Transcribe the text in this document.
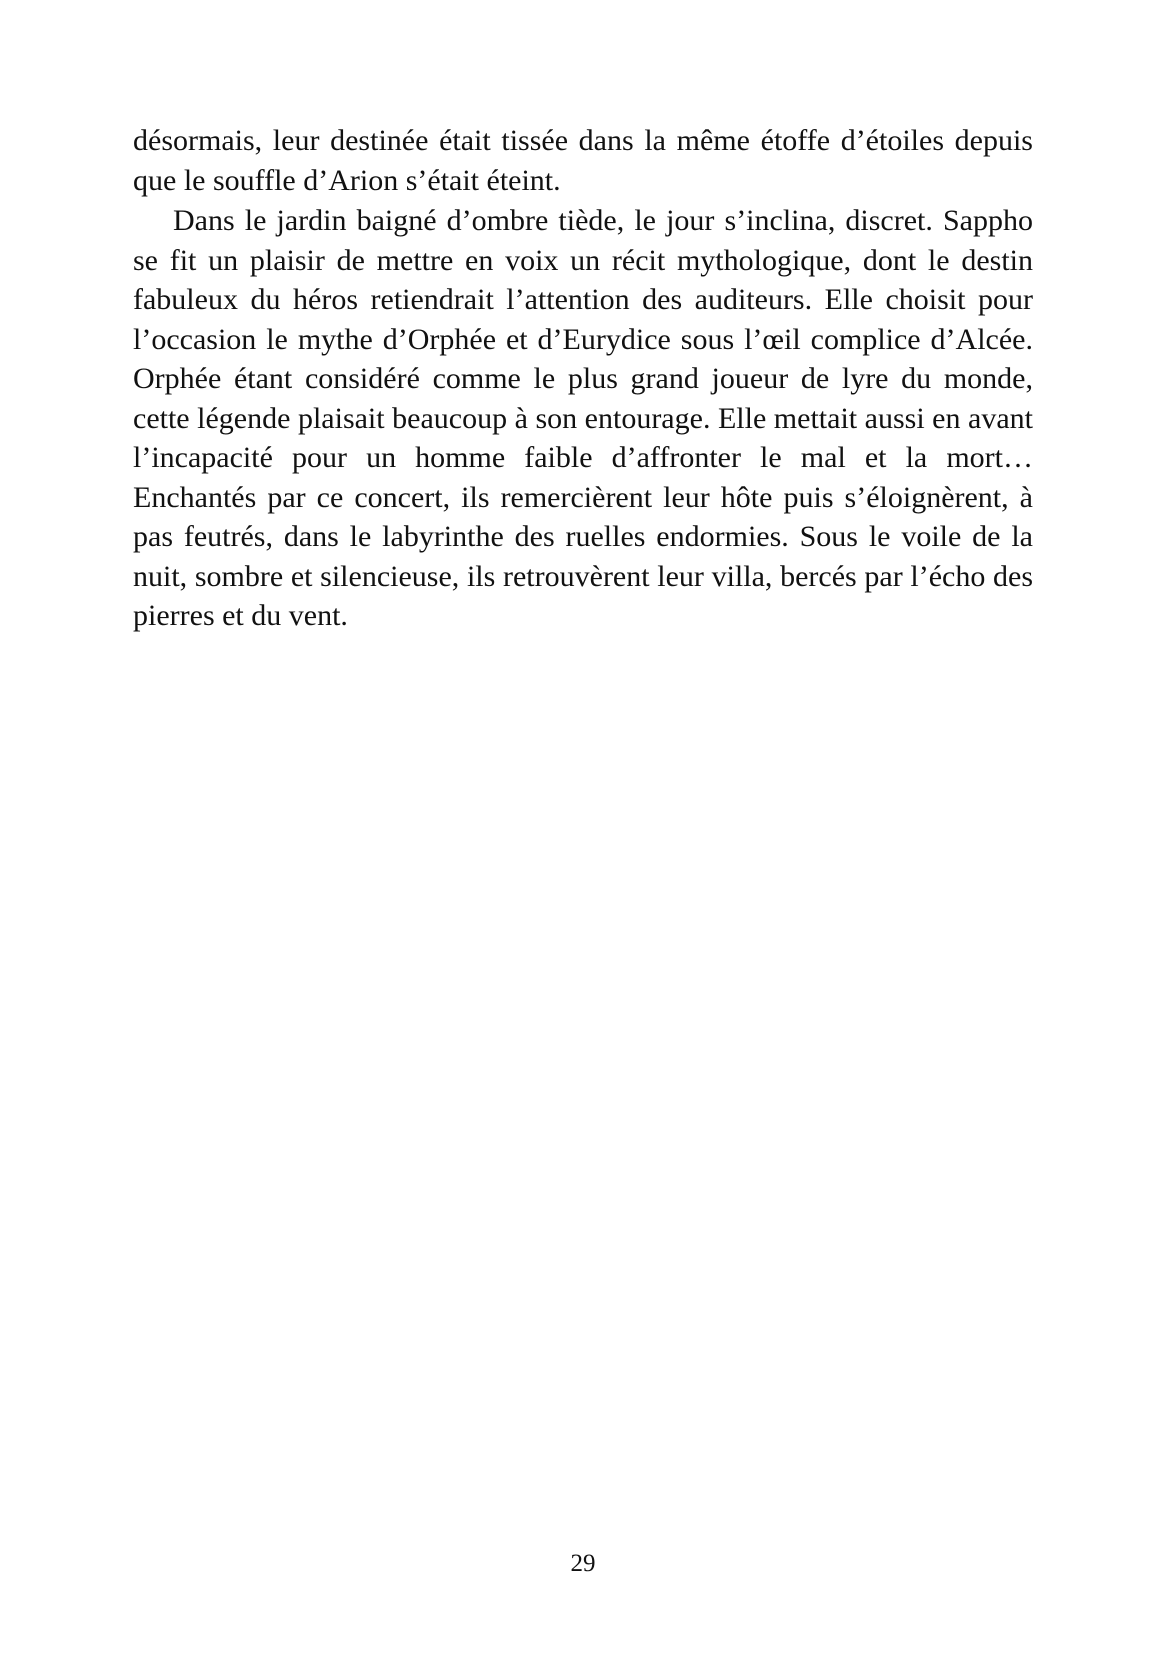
désormais, leur destinée était tissée dans la même étoffe d’étoiles depuis que le souffle d’Arion s’était éteint.

Dans le jardin baigné d’ombre tiède, le jour s’inclina, discret. Sappho se fit un plaisir de mettre en voix un récit mythologique, dont le destin fabuleux du héros retiendrait l’attention des auditeurs. Elle choisit pour l’occasion le mythe d’Orphée et d’Eurydice sous l’œil complice d’Alcée. Orphée étant considéré comme le plus grand joueur de lyre du monde, cette légende plaisait beaucoup à son entourage. Elle mettait aussi en avant l’incapacité pour un homme faible d’affronter le mal et la mort… Enchantés par ce concert, ils remercièrent leur hôte puis s’éloignèrent, à pas feutrés, dans le labyrinthe des ruelles endormies. Sous le voile de la nuit, sombre et silencieuse, ils retrouvèrent leur villa, bercés par l’écho des pierres et du vent.

29
